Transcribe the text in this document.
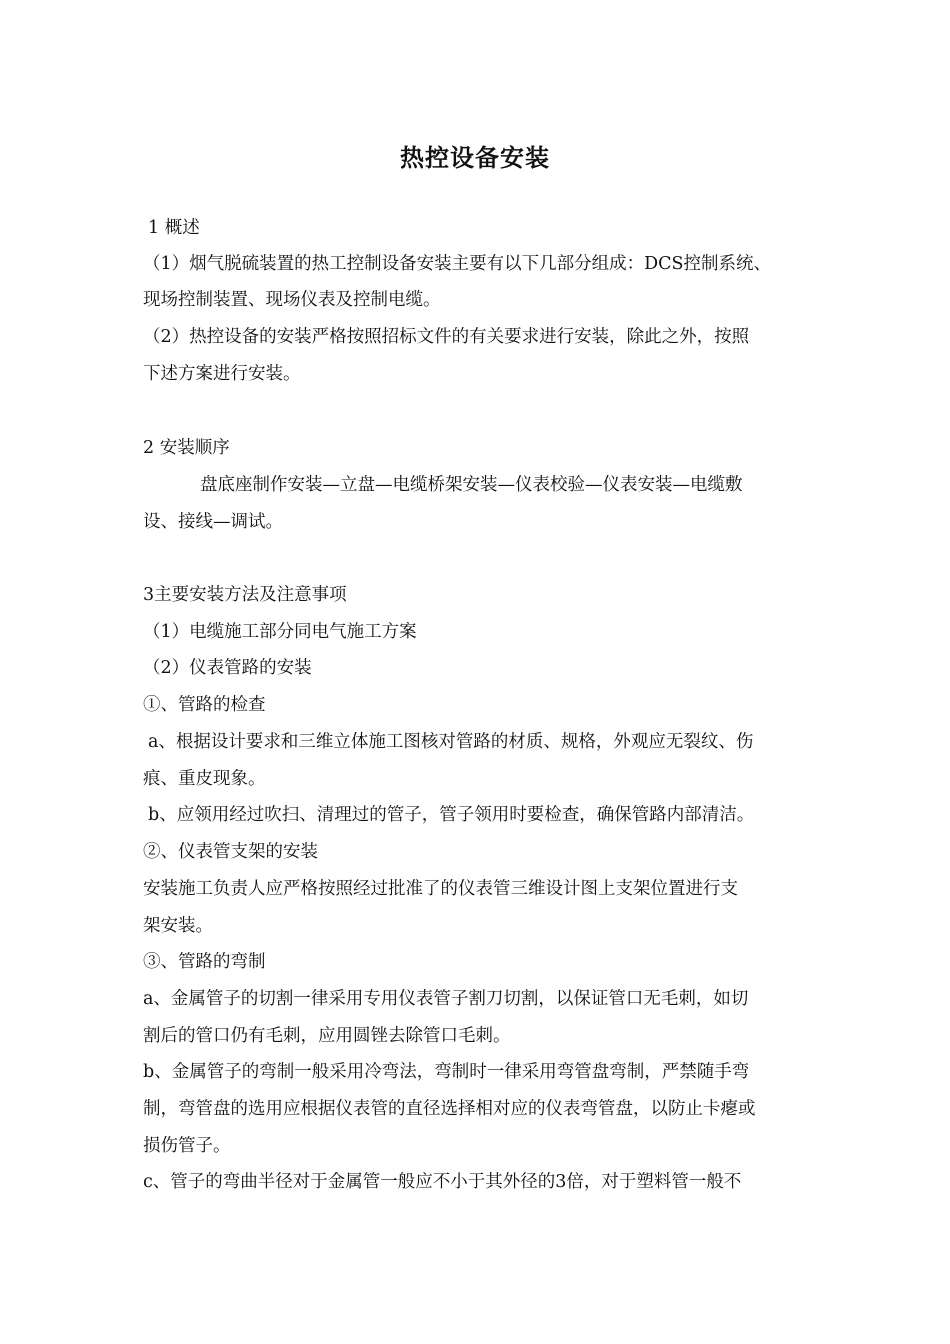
热控设备安装
1 概述
（1）烟气脱硫装置的热工控制设备安装主要有以下几部分组成：DCS控制系统、
现场控制装置、现场仪表及控制电缆。
（2）热控设备的安装严格按照招标文件的有关要求进行安装，除此之外，按照
下述方案进行安装。
2 安装顺序
盘底座制作安装—立盘—电缆桥架安装—仪表校验—仪表安装—电缆敷
设、接线—调试。
3主要安装方法及注意事项
（1）电缆施工部分同电气施工方案
（2）仪表管路的安装
①、管路的检查
a、根据设计要求和三维立体施工图核对管路的材质、规格，外观应无裂纹、伤
痕、重皮现象。
b、应领用经过吹扫、清理过的管子，管子领用时要检查，确保管路内部清洁。
②、仪表管支架的安装
安装施工负责人应严格按照经过批准了的仪表管三维设计图上支架位置进行支
架安装。
③、管路的弯制
a、金属管子的切割一律采用专用仪表管子割刀切割，以保证管口无毛刺，如切
割后的管口仍有毛刺，应用圆锉去除管口毛刺。
b、金属管子的弯制一般采用冷弯法，弯制时一律采用弯管盘弯制，严禁随手弯
制，弯管盘的选用应根据仪表管的直径选择相对应的仪表弯管盘，以防止卡瘪或
损伤管子。
c、管子的弯曲半径对于金属管一般应不小于其外径的3倍，对于塑料管一般不
